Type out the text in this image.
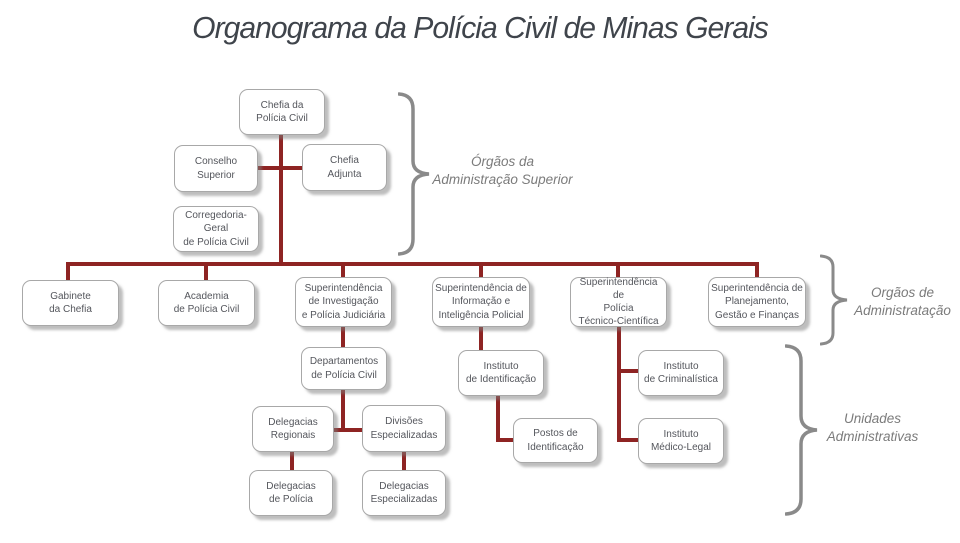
Organograma da Polícia Civil de Minas Gerais
Chefia da
Polícia Civil
Conselho
Superior
Chefia
Adjunta
Corregedoria-Geral
de Polícia Civil
Gabinete
da Chefia
Academia
de Polícia Civil
Superintendência
de Investigação
e Polícia Judiciária
Superintendência de
Informação e
Inteligência Policial
Superintendência de
Polícia
Técnico-Científica
Superintendência de
Planejamento,
Gestão e Finanças
Departamentos
de Polícia Civil
Instituto
de Identificação
Instituto
de Criminalística
Postos de
Identificação
Instituto
Médico-Legal
Delegacias
Regionais
Divisões
Especializadas
Delegacias
de Polícia
Delegacias
Especializadas
Órgãos da
Administração Superior
Orgãos de
Administratação
Unidades
Administrativas
